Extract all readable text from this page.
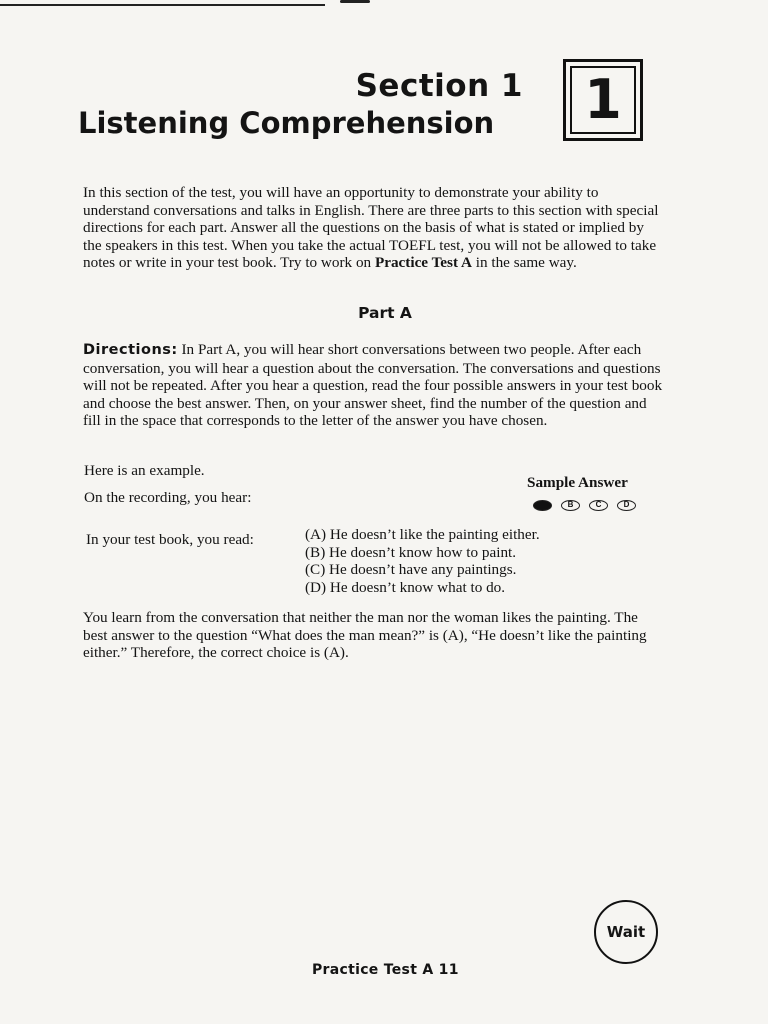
Section 1
Listening Comprehension	1
In this section of the test, you will have an opportunity to demonstrate your ability to understand conversations and talks in English. There are three parts to this section with special directions for each part. Answer all the questions on the basis of what is stated or implied by the speakers in this test. When you take the actual TOEFL test, you will not be allowed to take notes or write in your test book. Try to work on Practice Test A in the same way.
Part A
Directions: In Part A, you will hear short conversations between two people. After each conversation, you will hear a question about the conversation. The conversations and questions will not be repeated. After you hear a question, read the four possible answers in your test book and choose the best answer. Then, on your answer sheet, find the number of the question and fill in the space that corresponds to the letter of the answer you have chosen.
Here is an example.
On the recording, you hear:
Sample Answer
B	C	D
In your test book, you read:	(A) He doesn’t like the painting either.
(B) He doesn’t know how to paint.
(C) He doesn’t have any paintings.
(D) He doesn’t know what to do.
You learn from the conversation that neither the man nor the woman likes the painting. The best answer to the question “What does the man mean?” is (A), “He doesn’t like the painting either.” Therefore, the correct choice is (A).
Wait
Practice Test A 11
